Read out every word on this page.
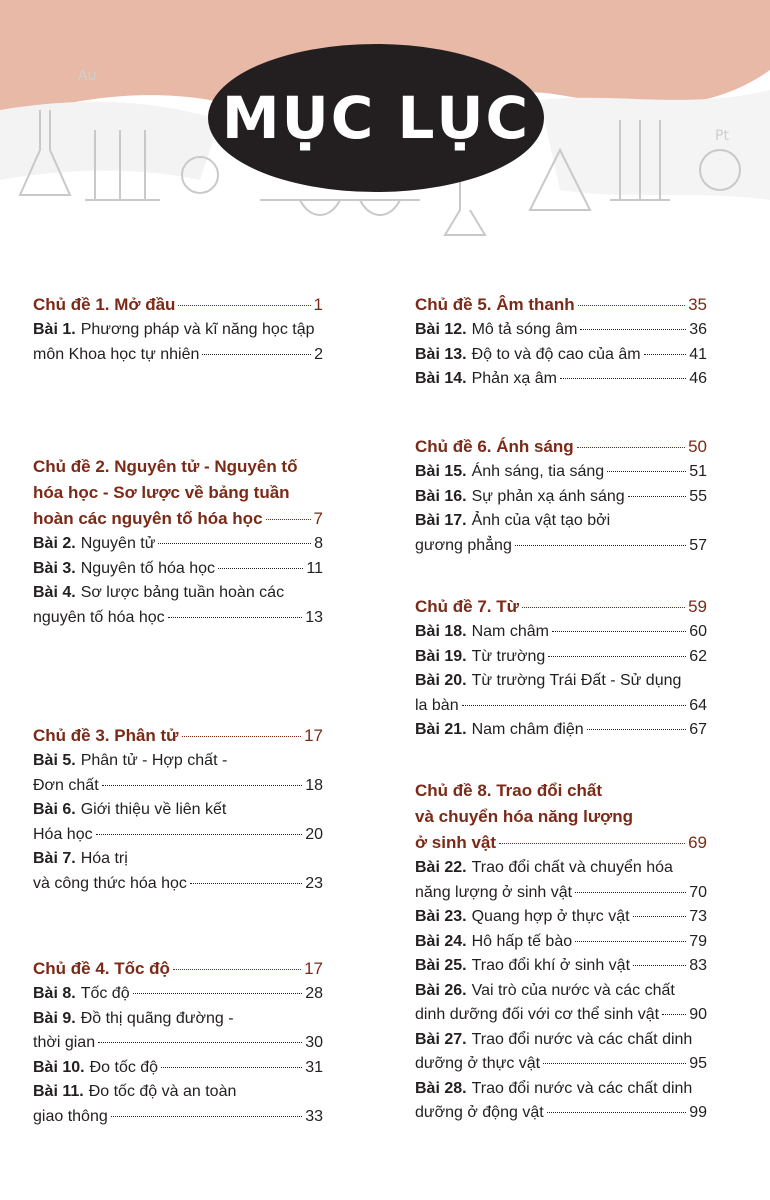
Au
Pt
MỤC LỤC
Chủ đề 1. Mở đầu	1
Bài 1. Phương pháp và kĩ năng học tập
môn Khoa học tự nhiên	2
Chủ đề 2. Nguyên tử - Nguyên tố
hóa học - Sơ lược về bảng tuần
hoàn các nguyên tố hóa học	7
Bài 2. Nguyên tử	8
Bài 3. Nguyên tố hóa học	11
Bài 4. Sơ lược bảng tuần hoàn các
nguyên tố hóa học	13
Chủ đề 3. Phân tử	17
Bài 5. Phân tử - Hợp chất -
Đơn chất	18
Bài 6. Giới thiệu về liên kết
Hóa học	20
Bài 7. Hóa trị
và công thức hóa học	23
Chủ đề 4. Tốc độ	17
Bài 8. Tốc độ	28
Bài 9. Đồ thị quãng đường -
thời gian	30
Bài 10. Đo tốc độ	31
Bài 11. Đo tốc độ và an toàn
giao thông	33
Chủ đề 5. Âm thanh	35
Bài 12. Mô tả sóng âm	36
Bài 13. Độ to và độ cao của âm	41
Bài 14. Phản xạ âm	46
Chủ đề 6. Ánh sáng	50
Bài 15. Ánh sáng, tia sáng	51
Bài 16. Sự phản xạ ánh sáng	55
Bài 17. Ảnh của vật tạo bởi
gương phẳng	57
Chủ đề 7. Từ	59
Bài 18. Nam châm	60
Bài 19. Từ trường	62
Bài 20. Từ trường Trái Đất - Sử dụng
la bàn	64
Bài 21. Nam châm điện	67
Chủ đề 8. Trao đổi chất
và chuyển hóa năng lượng
ở sinh vật	69
Bài 22. Trao đổi chất và chuyển hóa
năng lượng ở sinh vật	70
Bài 23. Quang hợp ở thực vật	73
Bài 24. Hô hấp tế bào	79
Bài 25. Trao đổi khí ở sinh vật	83
Bài 26. Vai trò của nước và các chất
dinh dưỡng đối với cơ thể sinh vật 90
Bài 27. Trao đổi nước và các chất dinh
dưỡng ở thực vật	95
Bài 28. Trao đổi nước và các chất dinh
dưỡng ở động vật	99
